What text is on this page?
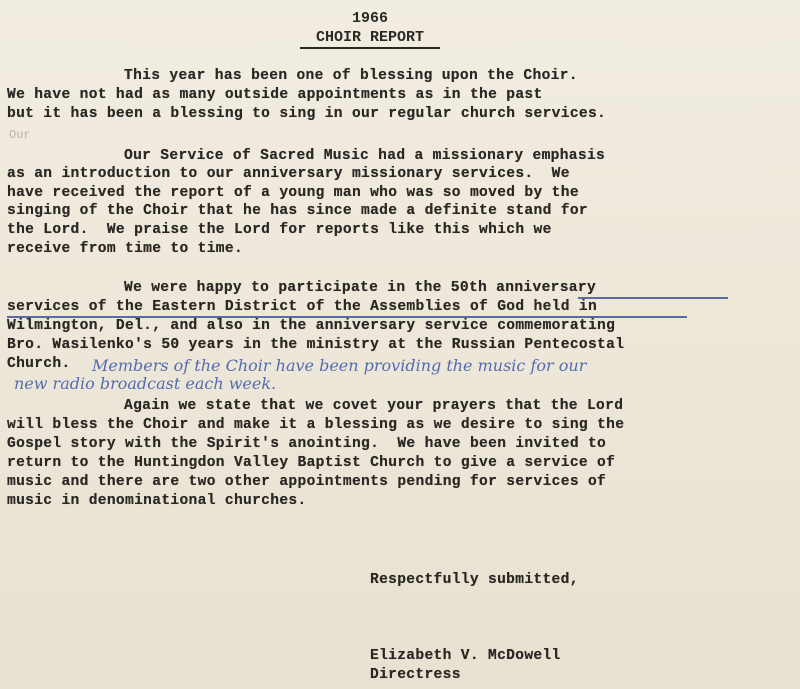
1966
CHOIR REPORT
This year has been one of blessing upon the Choir.
We have not had as many outside appointments as in the past
but it has been a blessing to sing in our regular church services.
Our
Our Service of Sacred Music had a missionary emphasis
as an introduction to our anniversary missionary services.  We
have received the report of a young man who was so moved by the
singing of the Choir that he has since made a definite stand for
the Lord.  We praise the Lord for reports like this which we
receive from time to time.
We were happy to participate in the 50th anniversary
services of the Eastern District of the Assemblies of God held in
Wilmington, Del., and also in the anniversary service commemorating
Bro. Wasilenko's 50 years in the ministry at the Russian Pentecostal
Church. Members of the Choir have been providing the music for our
new radio broadcast each week.
Again we state that we covet your prayers that the Lord
will bless the Choir and make it a blessing as we desire to sing the
Gospel story with the Spirit's anointing.  We have been invited to
return to the Huntingdon Valley Baptist Church to give a service of
music and there are two other appointments pending for services of
music in denominational churches.
Respectfully submitted,
Elizabeth V. McDowell
Directress
